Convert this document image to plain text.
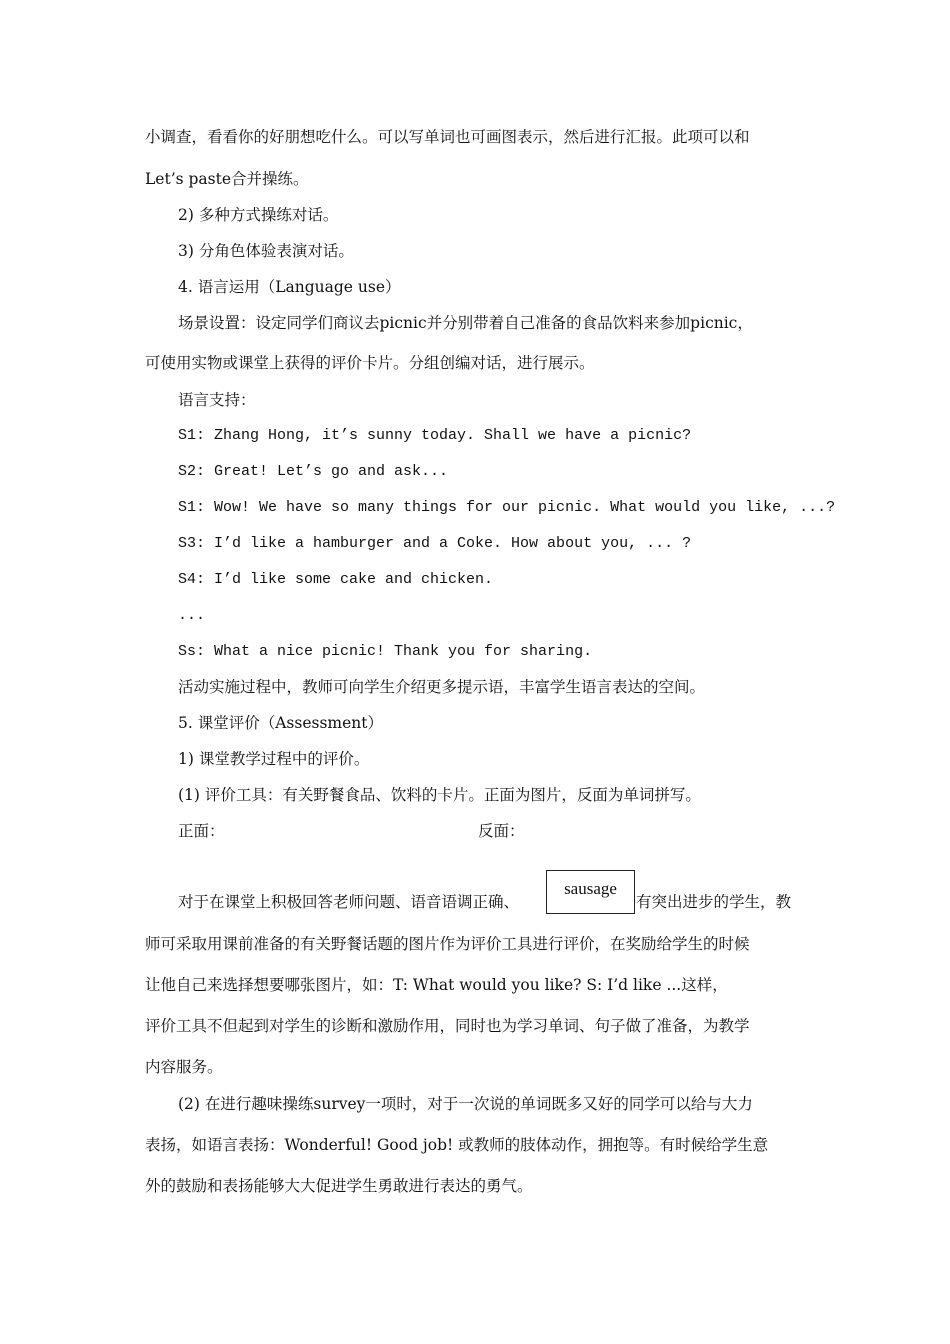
小调查，看看你的好朋想吃什么。可以写单词也可画图表示，然后进行汇报。此项可以和
Let’s paste合并操练。
2) 多种方式操练对话。
3) 分角色体验表演对话。
4. 语言运用（Language use）
场景设置：设定同学们商议去picnic并分别带着自己准备的食品饮料来参加picnic，
可使用实物或课堂上获得的评价卡片。分组创编对话，进行展示。
语言支持：
S1: Zhang Hong, it’s sunny today. Shall we have a picnic?
S2: Great! Let’s go and ask...
S1: Wow! We have so many things for our picnic. What would you like, ...?
S3: I’d like a hamburger and a Coke. How about you, ... ?
S4: I’d like some cake and chicken.
...
Ss: What a nice picnic! Thank you for sharing.
活动实施过程中，教师可向学生介绍更多提示语，丰富学生语言表达的空间。
5. 课堂评价（Assessment）
1) 课堂教学过程中的评价。
(1) 评价工具：有关野餐食品、饮料的卡片。正面为图片，反面为单词拼写。
正面：	反面：
sausage
对于在课堂上积极回答老师问题、语音语调正确、	有突出进步的学生，教
师可采取用课前准备的有关野餐话题的图片作为评价工具进行评价，在奖励给学生的时候
让他自己来选择想要哪张图片，如：T: What would you like? S: I’d like ...这样，
评价工具不但起到对学生的诊断和激励作用，同时也为学习单词、句子做了准备，为教学
内容服务。
(2) 在进行趣味操练survey一项时，对于一次说的单词既多又好的同学可以给与大力
表扬，如语言表扬：Wonderful! Good job! 或教师的肢体动作，拥抱等。有时候给学生意
外的鼓励和表扬能够大大促进学生勇敢进行表达的勇气。
